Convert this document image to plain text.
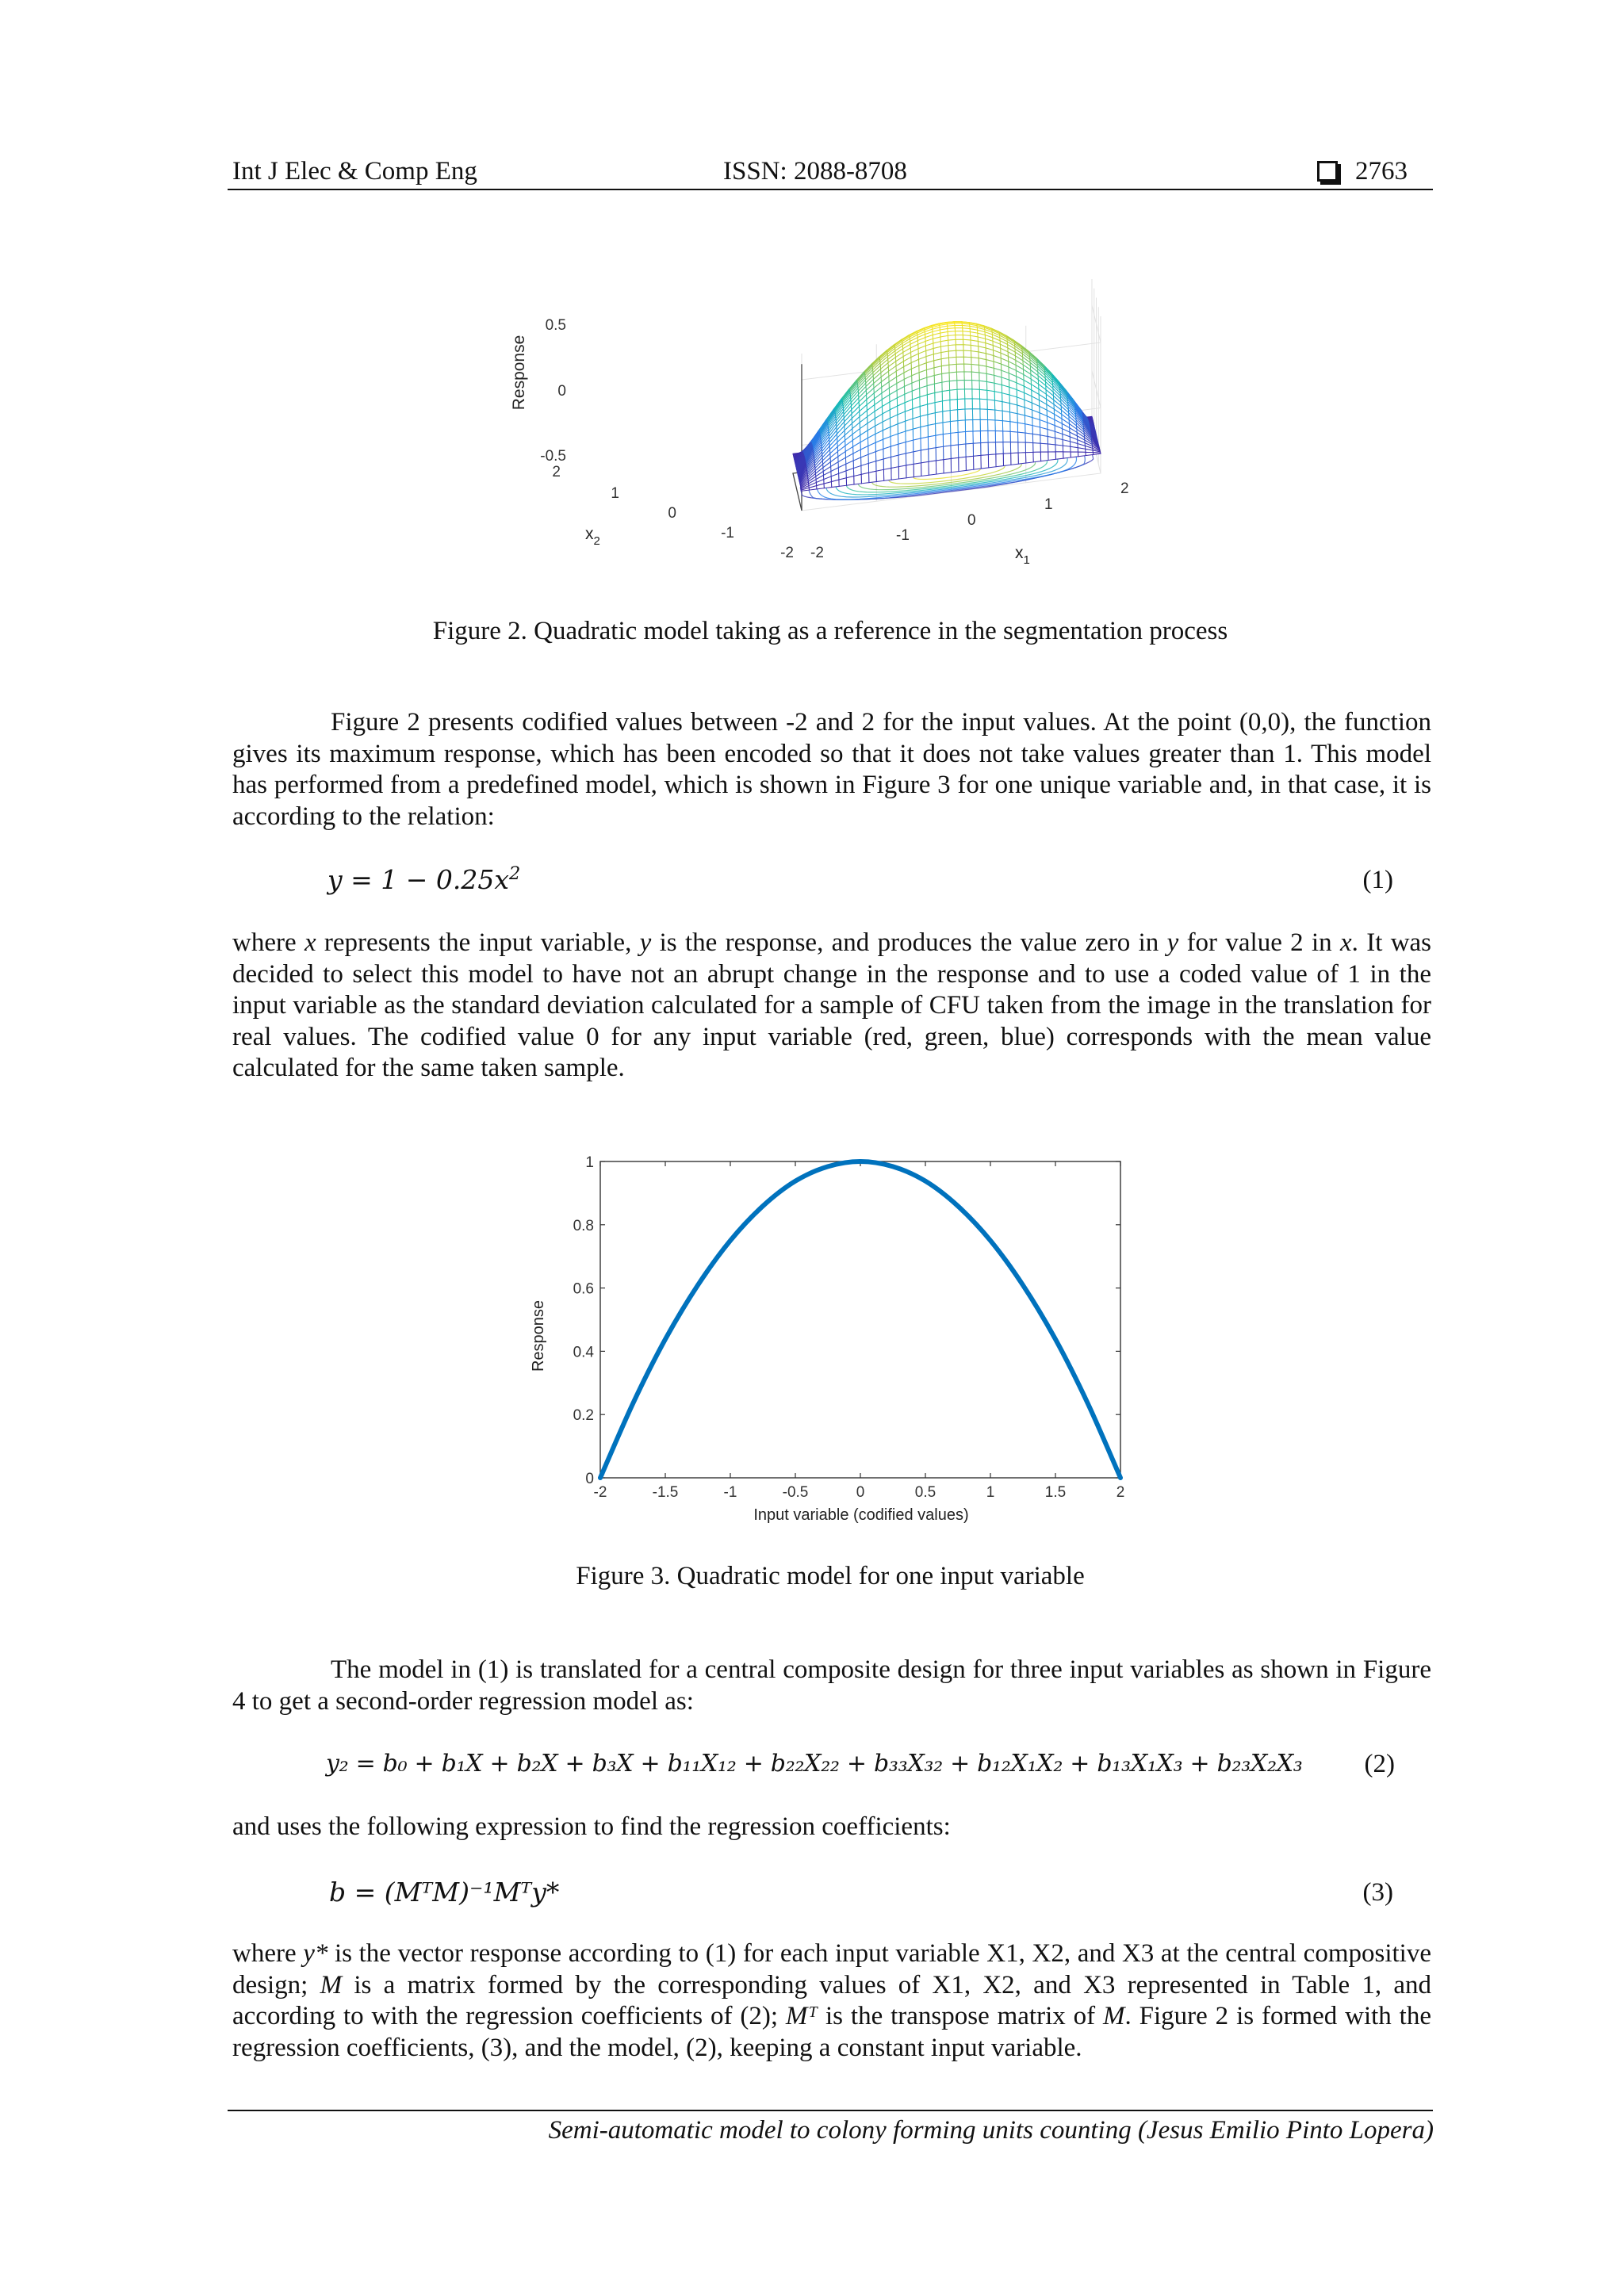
Int J Elec & Comp Eng	ISSN: 2088-8708	2763
Response
0.5
0
-0.5
2
1
0
-1
-2 -2
-1
0
1
2
$x_2$
$x_1$
Figure 2. Quadratic model taking as a reference in the segmentation process

Figure 2 presents codified values between -2 and 2 for the input values. At the point (0,0), the function gives its maximum response, which has been encoded so that it does not take values greater than 1. This model has performed from a predefined model, which is shown in Figure 3 for one unique variable and, in that case, it is according to the relation:

$y = 1 - 0.25x^2$	(1)

where x represents the input variable, y is the response, and produces the value zero in y for value 2 in x. It was decided to select this model to have not an abrupt change in the response and to use a coded value of 1 in the input variable as the standard deviation calculated for a sample of CFU taken from the image in the translation for real values. The codified value 0 for any input variable (red, green, blue) corresponds with the mean value calculated for the same taken sample.

-2	-1.5	-1	-0.5	0	0.5	1	1.5	2
0
0.2
0.4
0.6
0.8
1
Input variable (codified values)
Response
Figure 3. Quadratic model for one input variable

The model in (1) is translated for a central composite design for three input variables as shown in Figure 4 to get a second-order regression model as:

y₂ = b₀ + b₁X + b₂X + b₃X + b₁₁X₁₂ + b₂₂X₂₂ + b₃₃X₃₂ + b₁₂X₁X₂ + b₁₃X₁X₃ + b₂₃X₂X₃ (2)

and uses the following expression to find the regression coefficients:

b = (MᵀM)⁻¹Mᵀy*	(3)

where y* is the vector response according to (1) for each input variable X1, X2, and X3 at the central compositive design; M is a matrix formed by the corresponding values of X1, X2, and X3 represented in Table 1, and according to with the regression coefficients of (2); Mᵀ is the transpose matrix of M. Figure 2 is formed with the regression coefficients, (3), and the model, (2), keeping a constant input variable.

Semi-automatic model to colony forming units counting (Jesus Emilio Pinto Lopera)
